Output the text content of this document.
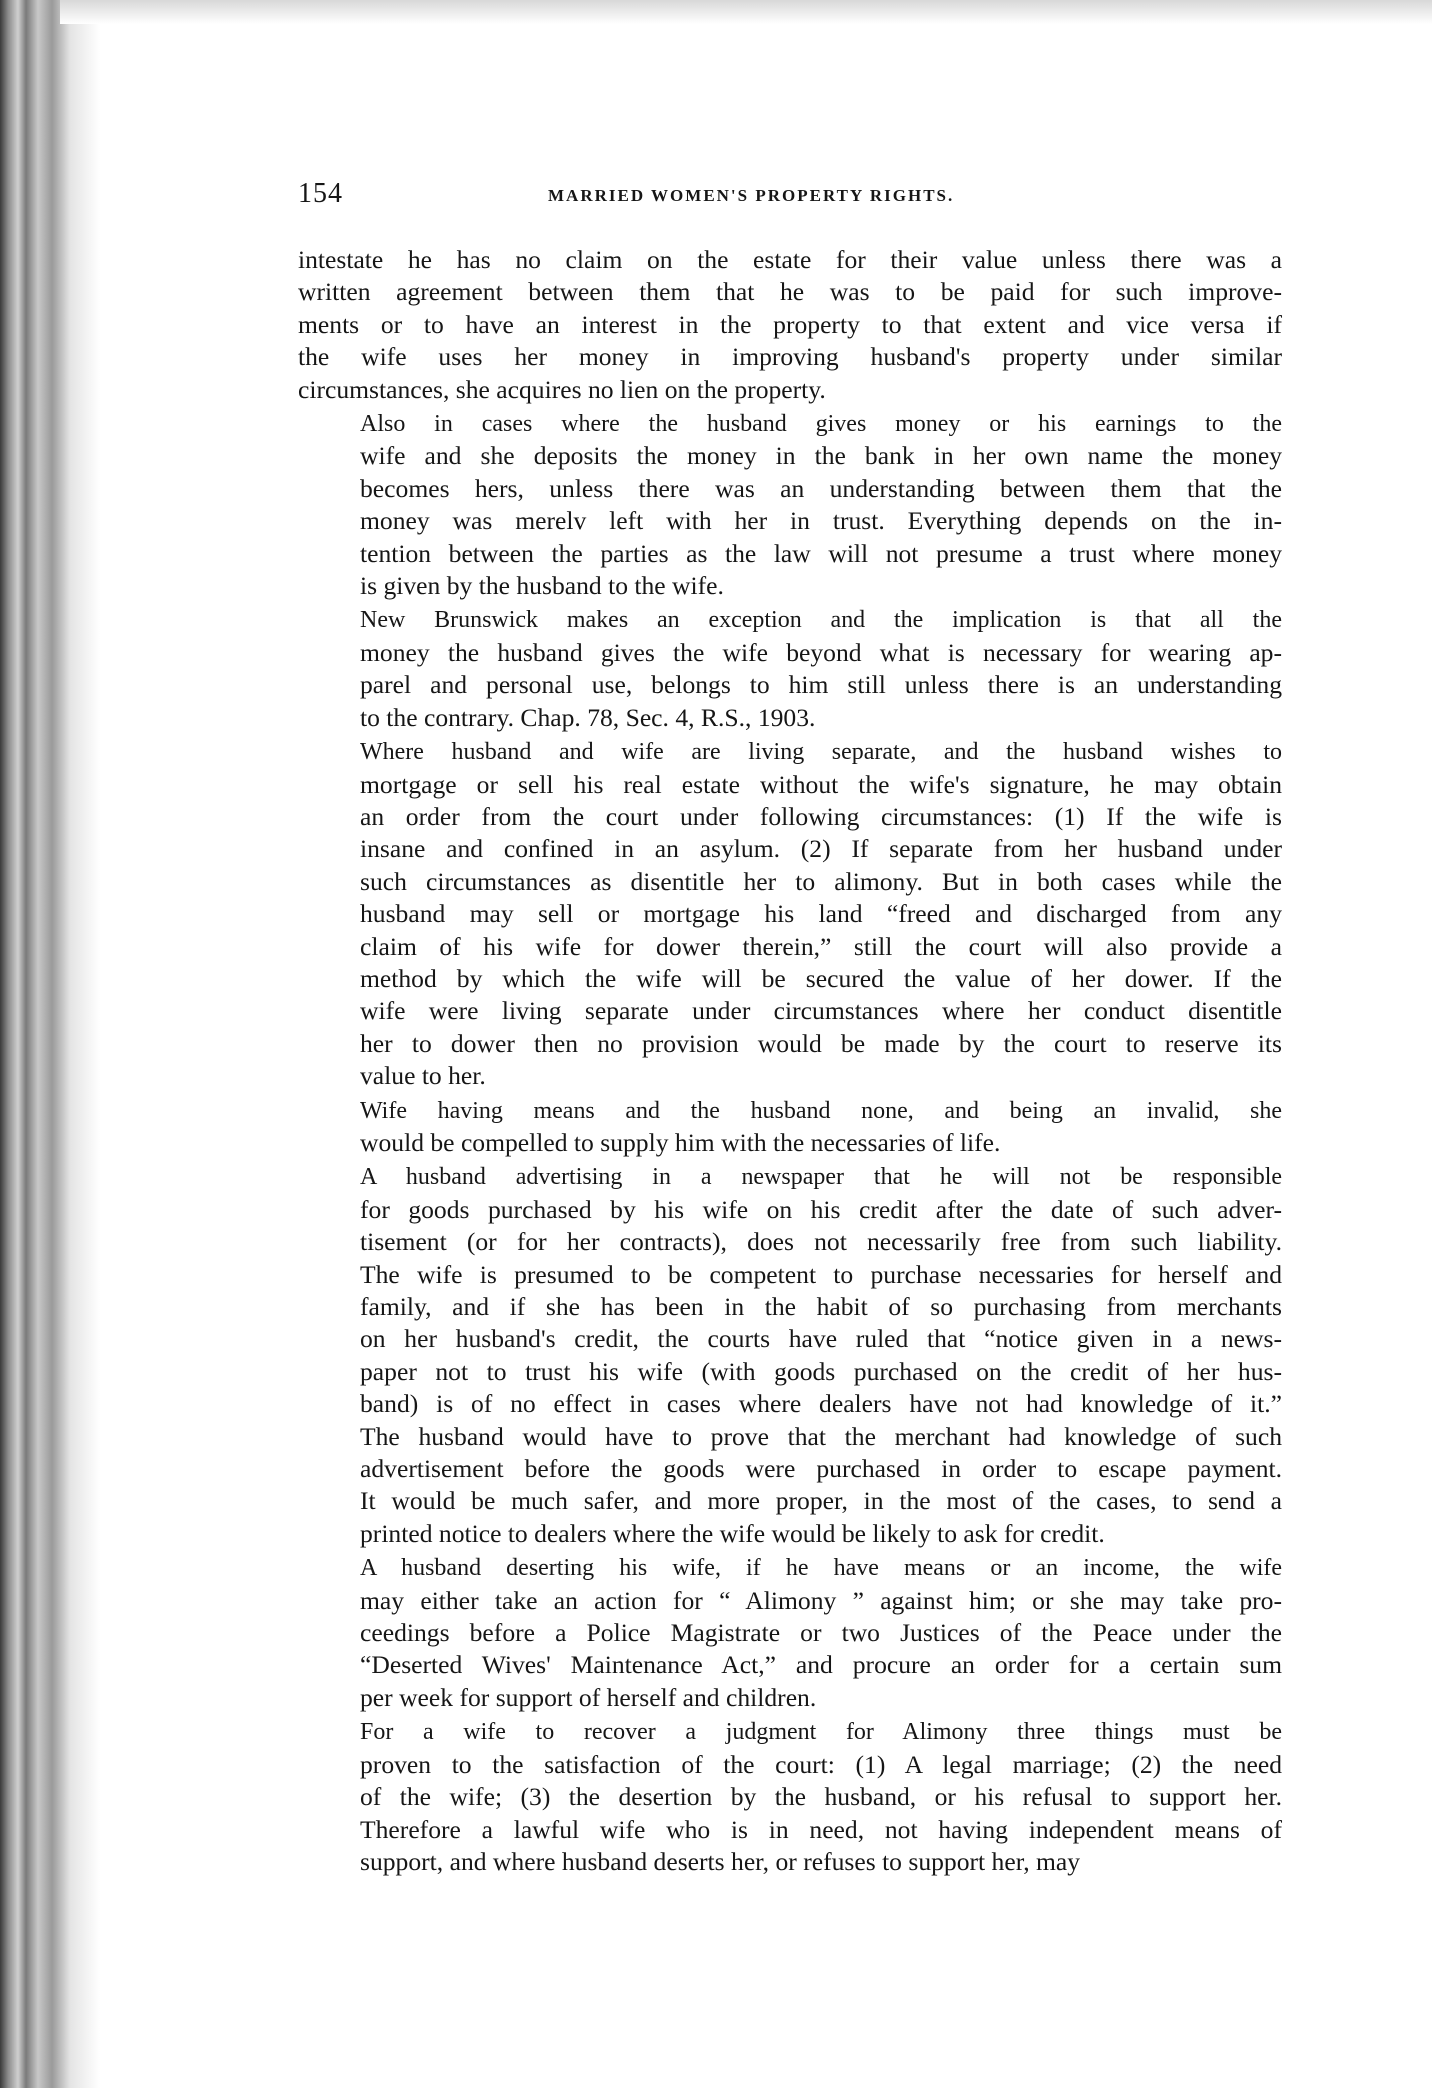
154	MARRIED WOMEN'S PROPERTY RIGHTS.
intestate he has no claim on the estate for their value unless there was a
written agreement between them that he was to be paid for such improve-
ments or to have an interest in the property to that extent and vice versa if
the wife uses her money in improving husband's property under similar
circumstances, she acquires no lien on the property.
Also in cases where the husband gives money or his earnings to the
wife and she deposits the money in the bank in her own name the money
becomes hers, unless there was an understanding between them that the
money was merelv left with her in trust. Everything depends on the in-
tention between the parties as the law will not presume a trust where money
is given by the husband to the wife.
New Brunswick makes an exception and the implication is that all the
money the husband gives the wife beyond what is necessary for wearing ap-
parel and personal use, belongs to him still unless there is an understanding
to the contrary. Chap. 78, Sec. 4, R.S., 1903.
Where husband and wife are living separate, and the husband wishes to
mortgage or sell his real estate without the wife's signature, he may obtain
an order from the court under following circumstances: (1) If the wife is
insane and confined in an asylum. (2) If separate from her husband under
such circumstances as disentitle her to alimony. But in both cases while the
husband may sell or mortgage his land “freed and discharged from any
claim of his wife for dower therein,” still the court will also provide a
method by which the wife will be secured the value of her dower. If the
wife were living separate under circumstances where her conduct disentitle
her to dower then no provision would be made by the court to reserve its
value to her.
Wife having means and the husband none, and being an invalid, she
would be compelled to supply him with the necessaries of life.
A husband advertising in a newspaper that he will not be responsible
for goods purchased by his wife on his credit after the date of such adver-
tisement (or for her contracts), does not necessarily free from such liability.
The wife is presumed to be competent to purchase necessaries for herself and
family, and if she has been in the habit of so purchasing from merchants
on her husband's credit, the courts have ruled that “notice given in a news-
paper not to trust his wife (with goods purchased on the credit of her hus-
band) is of no effect in cases where dealers have not had knowledge of it.”
The husband would have to prove that the merchant had knowledge of such
advertisement before the goods were purchased in order to escape payment.
It would be much safer, and more proper, in the most of the cases, to send a
printed notice to dealers where the wife would be likely to ask for credit.
A husband deserting his wife, if he have means or an income, the wife
may either take an action for “ Alimony ” against him; or she may take pro-
ceedings before a Police Magistrate or two Justices of the Peace under the
“Deserted Wives' Maintenance Act,” and procure an order for a certain sum
per week for support of herself and children.
For a wife to recover a judgment for Alimony three things must be
proven to the satisfaction of the court: (1) A legal marriage; (2) the need
of the wife; (3) the desertion by the husband, or his refusal to support her.
Therefore a lawful wife who is in need, not having independent means of
support, and where husband deserts her, or refuses to support her, may
